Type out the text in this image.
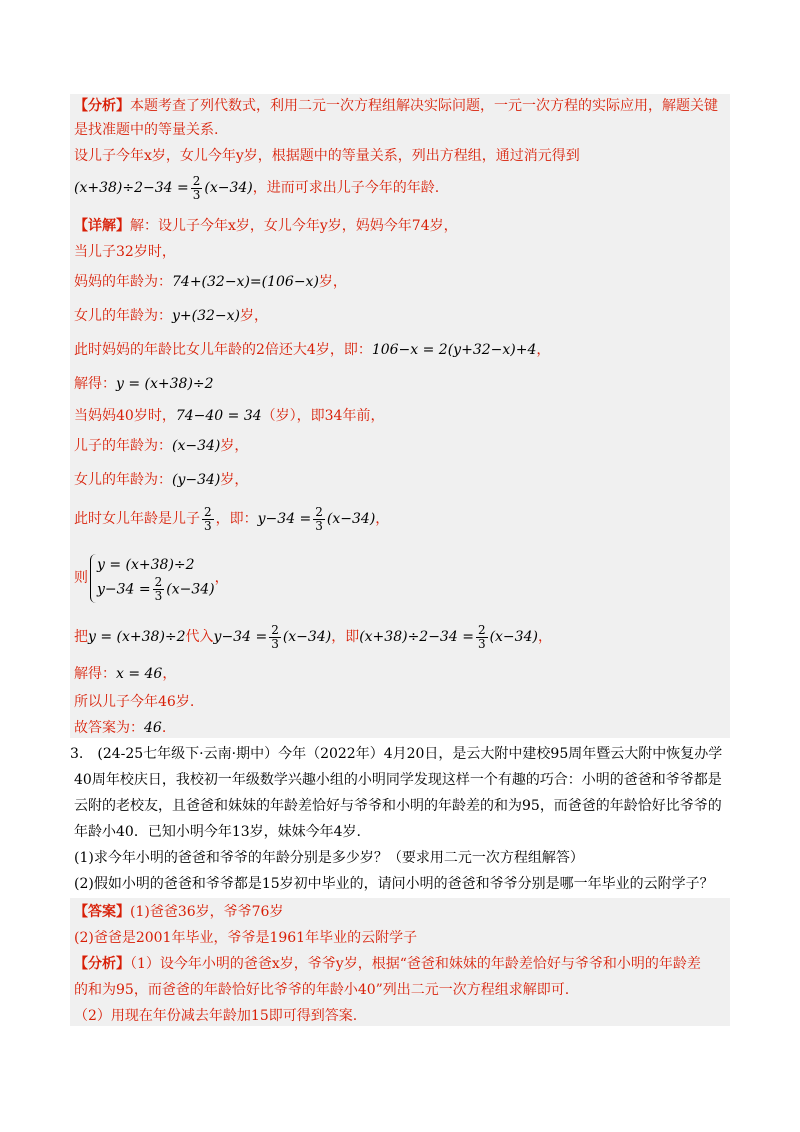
【分析】本题考查了列代数式，利用二元一次方程组解决实际问题，一元一次方程的实际应用，解题关键
是找准题中的等量关系.
设儿子今年x岁，女儿今年y岁，根据题中的等量关系，列出方程组，通过消元得到
$(x+38)\div 2-34 = \frac{2}{3} (x-34)$，进而可求出儿子今年的年龄.
【详解】解：设儿子今年x岁，女儿今年y岁，妈妈今年74岁，
当儿子32岁时，
妈妈的年龄为：74+(32−x)=(106−x)岁，
女儿的年龄为：y+(32−x)岁，
此时妈妈的年龄比女儿年龄的2倍还大4岁，即：106−x = 2(y+32−x)+4，
解得：y = (x+38)÷2
当妈妈40岁时，74−40 = 34（岁），即34年前，
儿子的年龄为：(x−34)岁，
女儿的年龄为：(y−34)岁，
此时女儿年龄是儿子 $\frac{2}{3}$ ，即：$y-34 = \frac{2}{3} (x-34)$，
则
y = (x+38)÷2
$y-34 = \frac{2}{3} (x-34)$
，
把y = (x+38)÷2代入$y-34 = \frac{2}{3} (x-34)$，即$(x+38)\div 2-34 = \frac{2}{3} (x-34)$，
解得：x = 46，
所以儿子今年46岁.
故答案为：46.
3.　(24-25七年级下·云南·期中）今年（2022年）4月20日，是云大附中建校95周年暨云大附中恢复办学
40周年校庆日，我校初一年级数学兴趣小组的小明同学发现这样一个有趣的巧合：小明的爸爸和爷爷都是
云附的老校友，且爸爸和妹妹的年龄差恰好与爷爷和小明的年龄差的和为95，而爸爸的年龄恰好比爷爷的
年龄小40．已知小明今年13岁，妹妹今年4岁.
(1)求今年小明的爸爸和爷爷的年龄分别是多少岁？（要求用二元一次方程组解答）
(2)假如小明的爸爸和爷爷都是15岁初中毕业的，请问小明的爸爸和爷爷分别是哪一年毕业的云附学子？
【答案】(1)爸爸36岁，爷爷76岁
(2)爸爸是2001年毕业，爷爷是1961年毕业的云附学子
【分析】（1）设今年小明的爸爸x岁，爷爷y岁，根据“爸爸和妹妹的年龄差恰好与爷爷和小明的年龄差
的和为95，而爸爸的年龄恰好比爷爷的年龄小40”列出二元一次方程组求解即可.
（2）用现在年份减去年龄加15即可得到答案.
